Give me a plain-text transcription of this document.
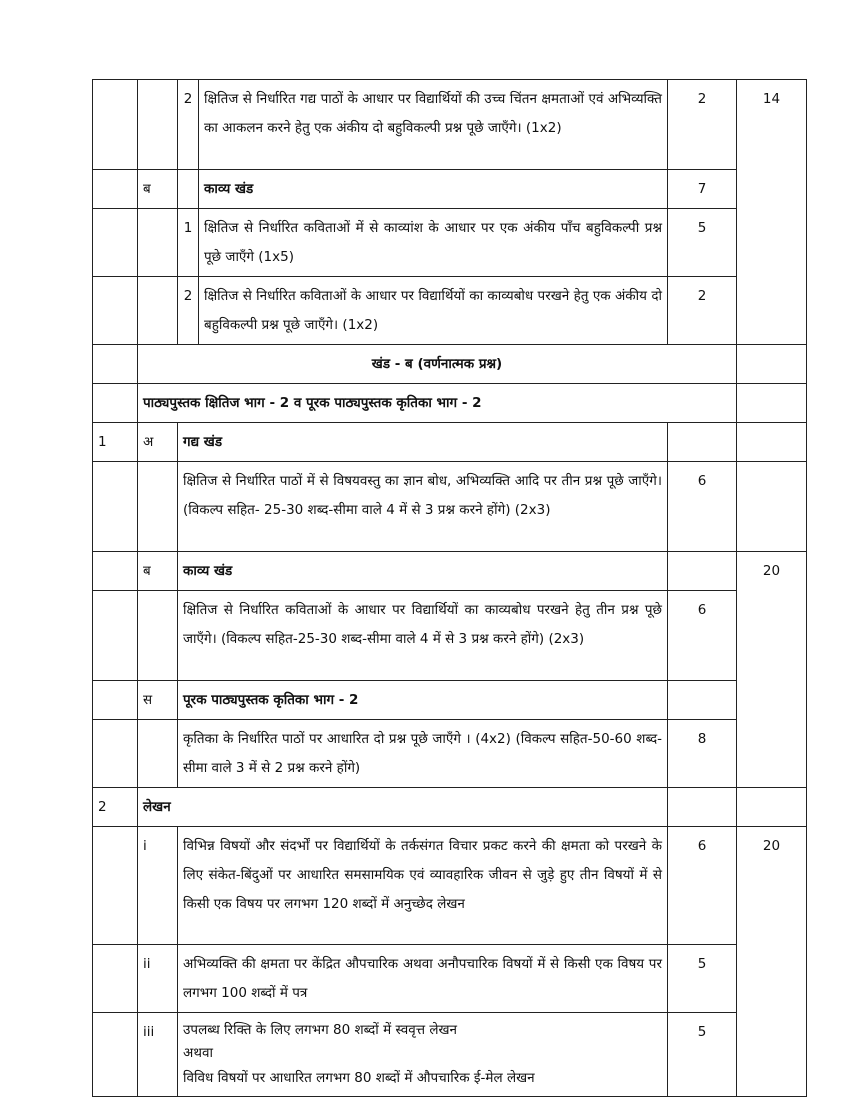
		2	क्षितिज से निर्धारित गद्य पाठों के आधार पर विद्यार्थियों की उच्च चिंतन क्षमताओं एवं अभिव्यक्ति का आकलन करने हेतु एक अंकीय दो बहुविकल्पी प्रश्न पूछे जाएँगे। (1x2)	2	14
	ब		काव्य खंड	7	
		1	क्षितिज से निर्धारित कविताओं में से काव्यांश के आधार पर एक अंकीय पाँच बहुविकल्पी प्रश्न पूछे जाएँगे (1x5)	5	
		2	क्षितिज से निर्धारित कविताओं के आधार पर विद्यार्थियों का काव्यबोध परखने हेतु एक अंकीय दो बहुविकल्पी प्रश्न पूछे जाएँगे। (1x2)	2	
	खंड - ब (वर्णनात्मक प्रश्न)				
	पाठ्यपुस्तक क्षितिज भाग - 2 व पूरक पाठ्यपुस्तक कृतिका भाग - 2				
1	अ	गद्य खंड			
		क्षितिज से निर्धारित पाठों में से विषयवस्तु का ज्ञान बोध, अभिव्यक्ति आदि पर तीन प्रश्न पूछे जाएँगे।(विकल्प सहित- 25-30 शब्द-सीमा वाले 4 में से 3 प्रश्न करने होंगे) (2x3)		6	
	ब	काव्य खंड			20
		क्षितिज से निर्धारित कविताओं के आधार पर विद्यार्थियों का काव्यबोध परखने हेतु तीन प्रश्न पूछे जाएँगे। (विकल्प सहित-25-30 शब्द-सीमा वाले 4 में से 3 प्रश्न करने होंगे) (2x3)		6	
	स	पूरक पाठ्यपुस्तक कृतिका भाग - 2			
		कृतिका के निर्धारित पाठों पर आधारित दो प्रश्न पूछे जाएँगे । (4x2) (विकल्प सहित-50-60 शब्द-सीमा वाले 3 में से 2 प्रश्न करने होंगे)		8	
2	लेखन				
	i	विभिन्न विषयों और संदर्भों पर विद्यार्थियों के तर्कसंगत विचार प्रकट करने की क्षमता को परखने के लिए संकेत-बिंदुओं पर आधारित समसामयिक एवं व्यावहारिक जीवन से जुड़े हुए तीन विषयों में से किसी एक विषय पर लगभग 120 शब्दों में अनुच्छेद लेखन		6	20
	ii	अभिव्यक्ति की क्षमता पर केंद्रित औपचारिक अथवा अनौपचारिक विषयों में से किसी एक विषय पर लगभग 100 शब्दों में पत्र		5	
	iii	उपलब्ध रिक्ति के लिए लगभग 80 शब्दों में स्ववृत्त लेखन
अथवा
विविध विषयों पर आधारित लगभग 80 शब्दों में औपचारिक ई-मेल लेखन		5	
